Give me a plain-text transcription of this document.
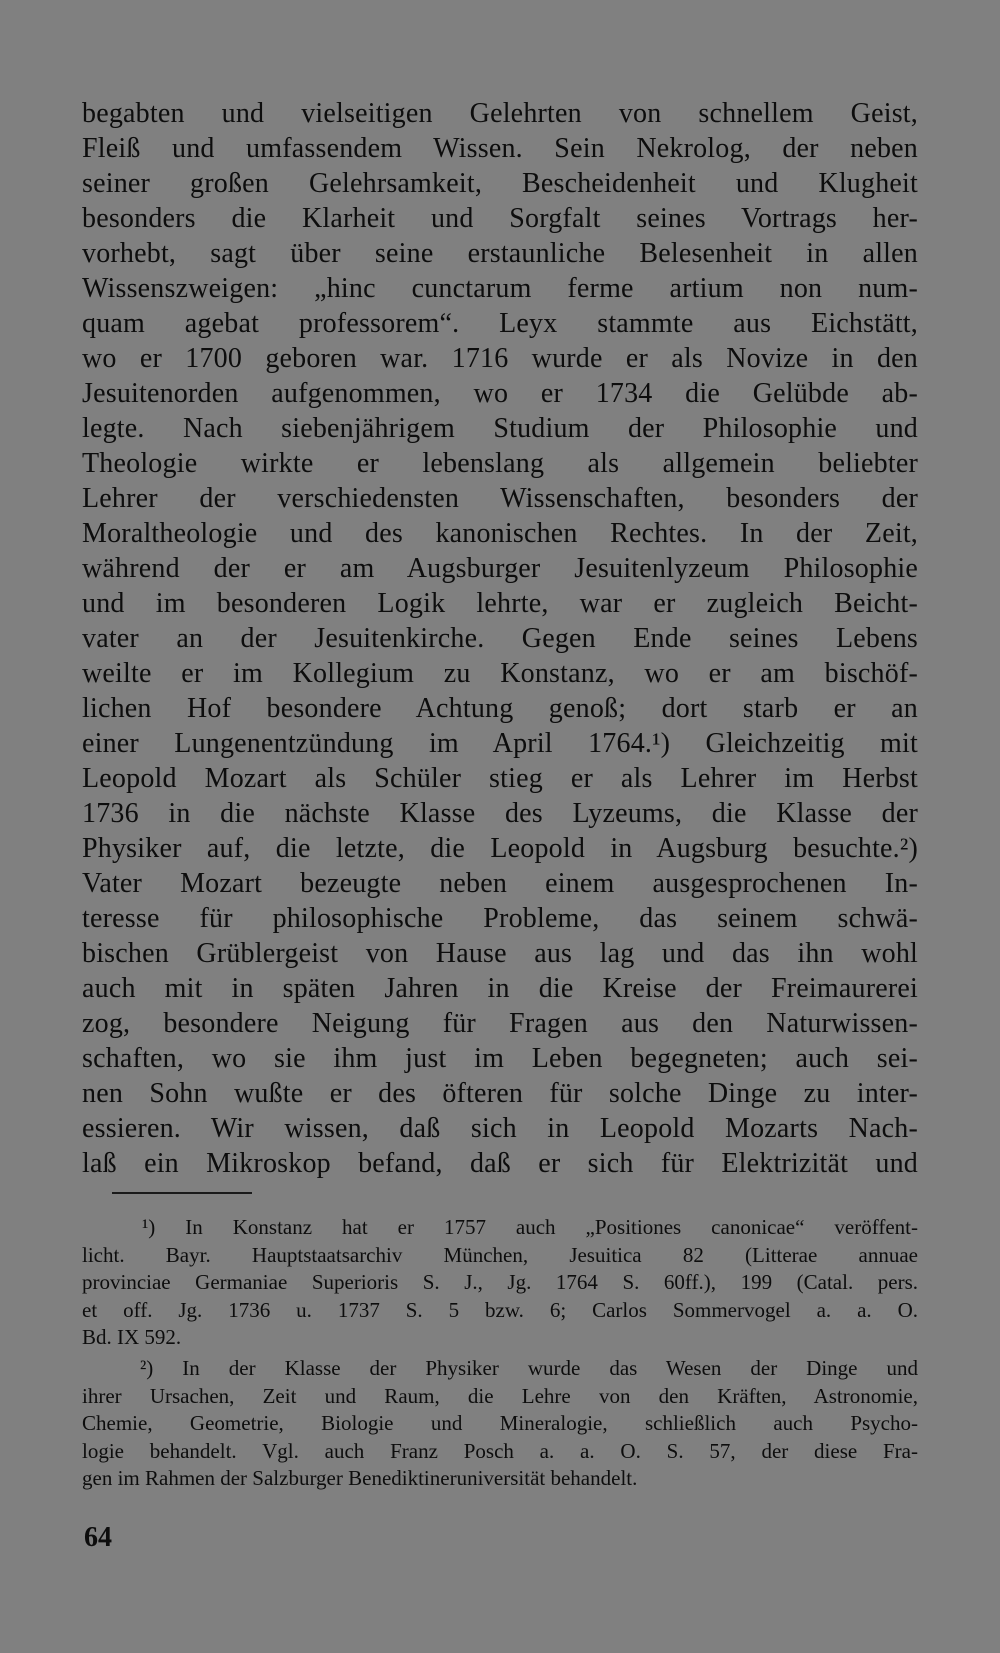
begabten und vielseitigen Gelehrten von schnellem Geist,
Fleiß und umfassendem Wissen. Sein Nekrolog, der neben
seiner großen Gelehrsamkeit, Bescheidenheit und Klugheit
besonders die Klarheit und Sorgfalt seines Vortrags her-
vorhebt, sagt über seine erstaunliche Belesenheit in allen
Wissenszweigen: „hinc cunctarum ferme artium non num-
quam agebat professorem“. Leyx stammte aus Eichstätt,
wo er 1700 geboren war. 1716 wurde er als Novize in den
Jesuitenorden aufgenommen, wo er 1734 die Gelübde ab-
legte. Nach siebenjährigem Studium der Philosophie und
Theologie wirkte er lebenslang als allgemein beliebter
Lehrer der verschiedensten Wissenschaften, besonders der
Moraltheologie und des kanonischen Rechtes. In der Zeit,
während der er am Augsburger Jesuitenlyzeum Philosophie
und im besonderen Logik lehrte, war er zugleich Beicht-
vater an der Jesuitenkirche. Gegen Ende seines Lebens
weilte er im Kollegium zu Konstanz, wo er am bischöf-
lichen Hof besondere Achtung genoß; dort starb er an
einer Lungenentzündung im April 1764.¹) Gleichzeitig mit
Leopold Mozart als Schüler stieg er als Lehrer im Herbst
1736 in die nächste Klasse des Lyzeums, die Klasse der
Physiker auf, die letzte, die Leopold in Augsburg besuchte.²)
Vater Mozart bezeugte neben einem ausgesprochenen In-
teresse für philosophische Probleme, das seinem schwä-
bischen Grüblergeist von Hause aus lag und das ihn wohl
auch mit in späten Jahren in die Kreise der Freimaurerei
zog, besondere Neigung für Fragen aus den Naturwissen-
schaften, wo sie ihm just im Leben begegneten; auch sei-
nen Sohn wußte er des öfteren für solche Dinge zu inter-
essieren. Wir wissen, daß sich in Leopold Mozarts Nach-
laß ein Mikroskop befand, daß er sich für Elektrizität und
¹) In Konstanz hat er 1757 auch „Positiones canonicae“ veröffent-
licht. Bayr. Hauptstaatsarchiv München, Jesuitica 82 (Litterae annuae
provinciae Germaniae Superioris S. J., Jg. 1764 S. 60ff.), 199 (Catal. pers.
et off. Jg. 1736 u. 1737 S. 5 bzw. 6; Carlos Sommervogel a. a. O.
Bd. IX 592.
²) In der Klasse der Physiker wurde das Wesen der Dinge und
ihrer Ursachen, Zeit und Raum, die Lehre von den Kräften, Astronomie,
Chemie, Geometrie, Biologie und Mineralogie, schließlich auch Psycho-
logie behandelt. Vgl. auch Franz Posch a. a. O. S. 57, der diese Fra-
gen im Rahmen der Salzburger Benediktineruniversität behandelt.
64
